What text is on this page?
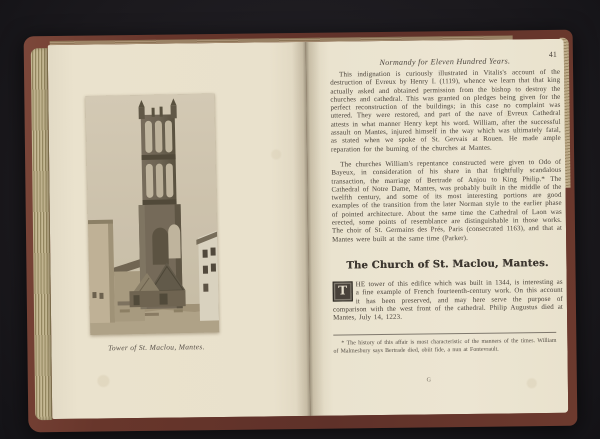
Tower of St. Maclou, Mantes.
Normandy for Eleven Hundred Years.
41

This indignation is curiously illustrated in Vitalis's account of the destruction of Evreux by Henry I. (1119), whence we learn that that king actually asked and obtained permission from the bishop to destroy the churches and cathedral. This was granted on pledges being given for the perfect reconstruction of the buildings; in this case no complaint was uttered. They were restored, and part of the nave of Evreux Cathedral attests in what manner Henry kept his word. William, after the successful assault on Mantes, injured himself in the way which was ultimately fatal, as stated when we spoke of St. Gervais at Rouen. He made ample reparation for the burning of the churches at Mantes.

The churches William's repentance constructed were given to Odo of Bayeux, in consideration of his share in that frightfully scandalous transaction, the marriage of Bertrade of Anjou to King Philip.* The Cathedral of Notre Dame, Mantes, was probably built in the middle of the twelfth century, and some of its most interesting portions are good examples of the transition from the later Norman style to the earlier phase of pointed architecture. About the same time the Cathedral of Laon was erected, some points of resemblance are distinguishable in those works. The choir of St. Germains des Prés, Paris (consecrated 1163), and that at Mantes were built at the same time (Parker).

The Church of St. Maclou, Mantes.
T
HE tower of this edifice which was built in 1344, is interesting as a fine example of French fourteenth-century work. On this account it has been preserved, and may here serve the purpose of comparison with the west front of the cathedral. Philip Augustus died at Mantes, July 14, 1223.

* The history of this affair is most characteristic of the manners of the times. William of Malmesbury says Bertrade died, obiit fide, a nun at Fontevrault.

G
